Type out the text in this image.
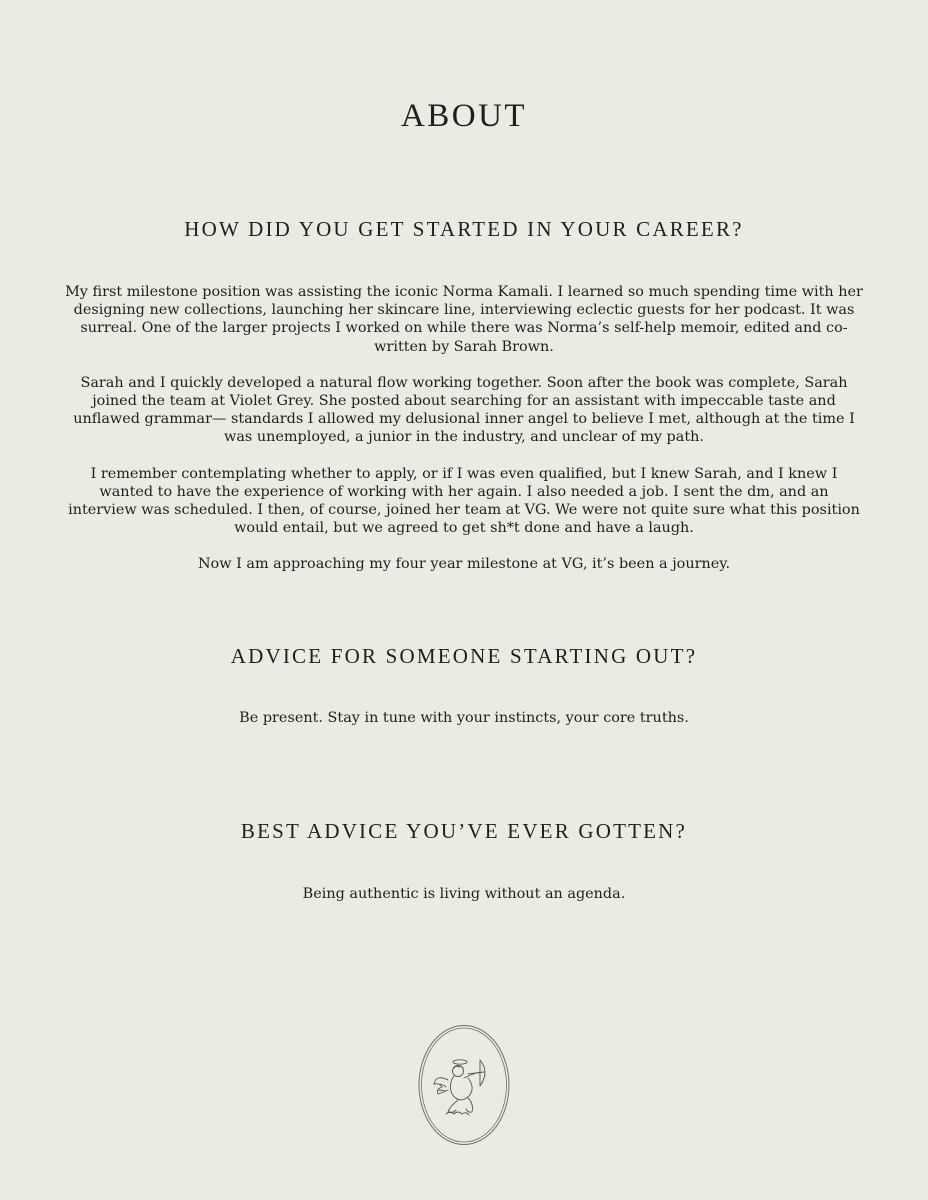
ABOUT
HOW DID YOU GET STARTED IN YOUR CAREER?

My first milestone position was assisting the iconic Norma Kamali. I learned so much spending time with her designing new collections, launching her skincare line, interviewing eclectic guests for her podcast. It was surreal. One of the larger projects I worked on while there was Norma’s self-help memoir, edited and co-written by Sarah Brown.

Sarah and I quickly developed a natural flow working together. Soon after the book was complete, Sarah joined the team at Violet Grey. She posted about searching for an assistant with impeccable taste and unflawed grammar— standards I allowed my delusional inner angel to believe I met, although at the time I was unemployed, a junior in the industry, and unclear of my path.

I remember contemplating whether to apply, or if I was even qualified, but I knew Sarah, and I knew I wanted to have the experience of working with her again. I also needed a job. I sent the dm, and an interview was scheduled. I then, of course, joined her team at VG. We were not quite sure what this position would entail, but we agreed to get sh*t done and have a laugh.

Now I am approaching my four year milestone at VG, it’s been a journey.

ADVICE FOR SOMEONE STARTING OUT?

Be present. Stay in tune with your instincts, your core truths.

BEST ADVICE YOU’VE EVER GOTTEN?

Being authentic is living without an agenda.
